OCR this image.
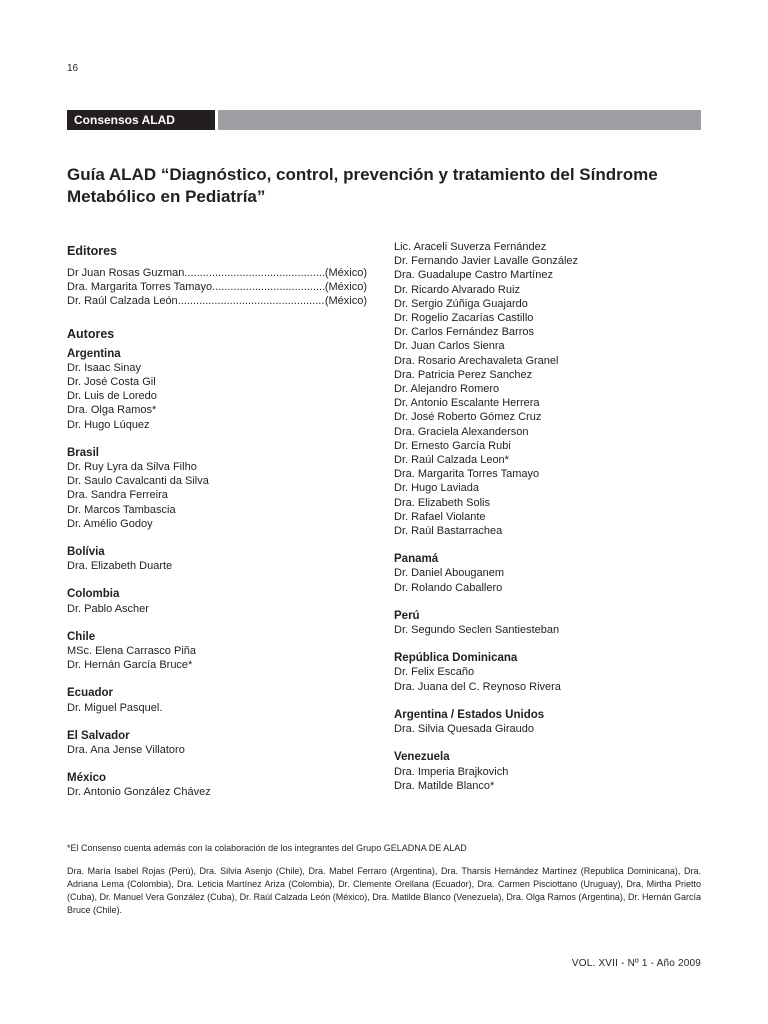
16
Consensos ALAD
Guía ALAD “Diagnóstico, control, prevención y tratamiento del Síndrome Metabólico en Pediatría”
Editores
Dr Juan Rosas Guzman .....	(México)
Dra. Margarita Torres Tamayo .....	(México)
Dr. Raúl Calzada León .....	(México)
Autores
Argentina
Dr. Isaac Sinay
Dr. José Costa Gil
Dr. Luis de Loredo
Dra. Olga Ramos*
Dr. Hugo Lúquez
Brasil
Dr. Ruy Lyra da Silva Filho
Dr. Saulo Cavalcanti da Silva
Dra. Sandra Ferreira
Dr. Marcos Tambascia
Dr. Amélio Godoy
Bolívia
Dra. Elizabeth Duarte
Colombia
Dr. Pablo Ascher
Chile
MSc. Elena Carrasco Piña
Dr. Hernán García Bruce*
Ecuador
Dr. Miguel Pasquel.
El Salvador
Dra. Ana Jense Villatoro
México
Dr. Antonio González Chávez
Lic. Araceli Suverza Fernández
Dr. Fernando Javier Lavalle González
Dra. Guadalupe Castro Martínez
Dr. Ricardo Alvarado Ruiz
Dr. Sergio Zúñiga Guajardo
Dr. Rogelio Zacarías Castillo
Dr. Carlos Fernández Barros
Dr. Juan Carlos Sienra
Dra. Rosario Arechavaleta Granel
Dra. Patricia Perez Sanchez
Dr. Alejandro Romero
Dr. Antonio Escalante Herrera
Dr. José Roberto Gómez Cruz
Dra. Graciela Alexanderson
Dr. Ernesto García Rubi
Dr. Raúl Calzada Leon*
Dra. Margarita Torres Tamayo
Dr. Hugo Laviada
Dra. Elizabeth Solis
Dr. Rafael Violante
Dr. Raúl Bastarrachea
Panamá
Dr. Daniel Abouganem
Dr. Rolando Caballero
Perú
Dr. Segundo Seclen Santiesteban
República Dominicana
Dr. Felix Escaño
Dra. Juana del C. Reynoso Rivera
Argentina / Estados Unidos
Dra. Silvia Quesada Giraudo
Venezuela
Dra. Imperia Brajkovich
Dra. Matilde Blanco*
*El Consenso cuenta además con la colaboración de los integrantes del Grupo GELADNA DE ALAD

Dra. María Isabel Rojas (Perú), Dra. Silvia Asenjo (Chile), Dra. Mabel Ferraro (Argentina), Dra. Tharsis Hernández Martínez (Republica Dominicana), Dra. Adriana Lema (Colombia), Dra. Leticia Martínez Ariza (Colombia), Dr. Clemente Orellana (Ecuador), Dra. Carmen Pisciottano (Uruguay), Dra, Mirtha Prietto (Cuba), Dr. Manuel Vera González (Cuba), Dr. Raúl Calzada León (México), Dra. Matilde Blanco (Venezuela), Dra. Olga Ramos (Argentina), Dr. Hernán García Bruce (Chile).

VOL. XVII - Nº 1 - Año 2009
